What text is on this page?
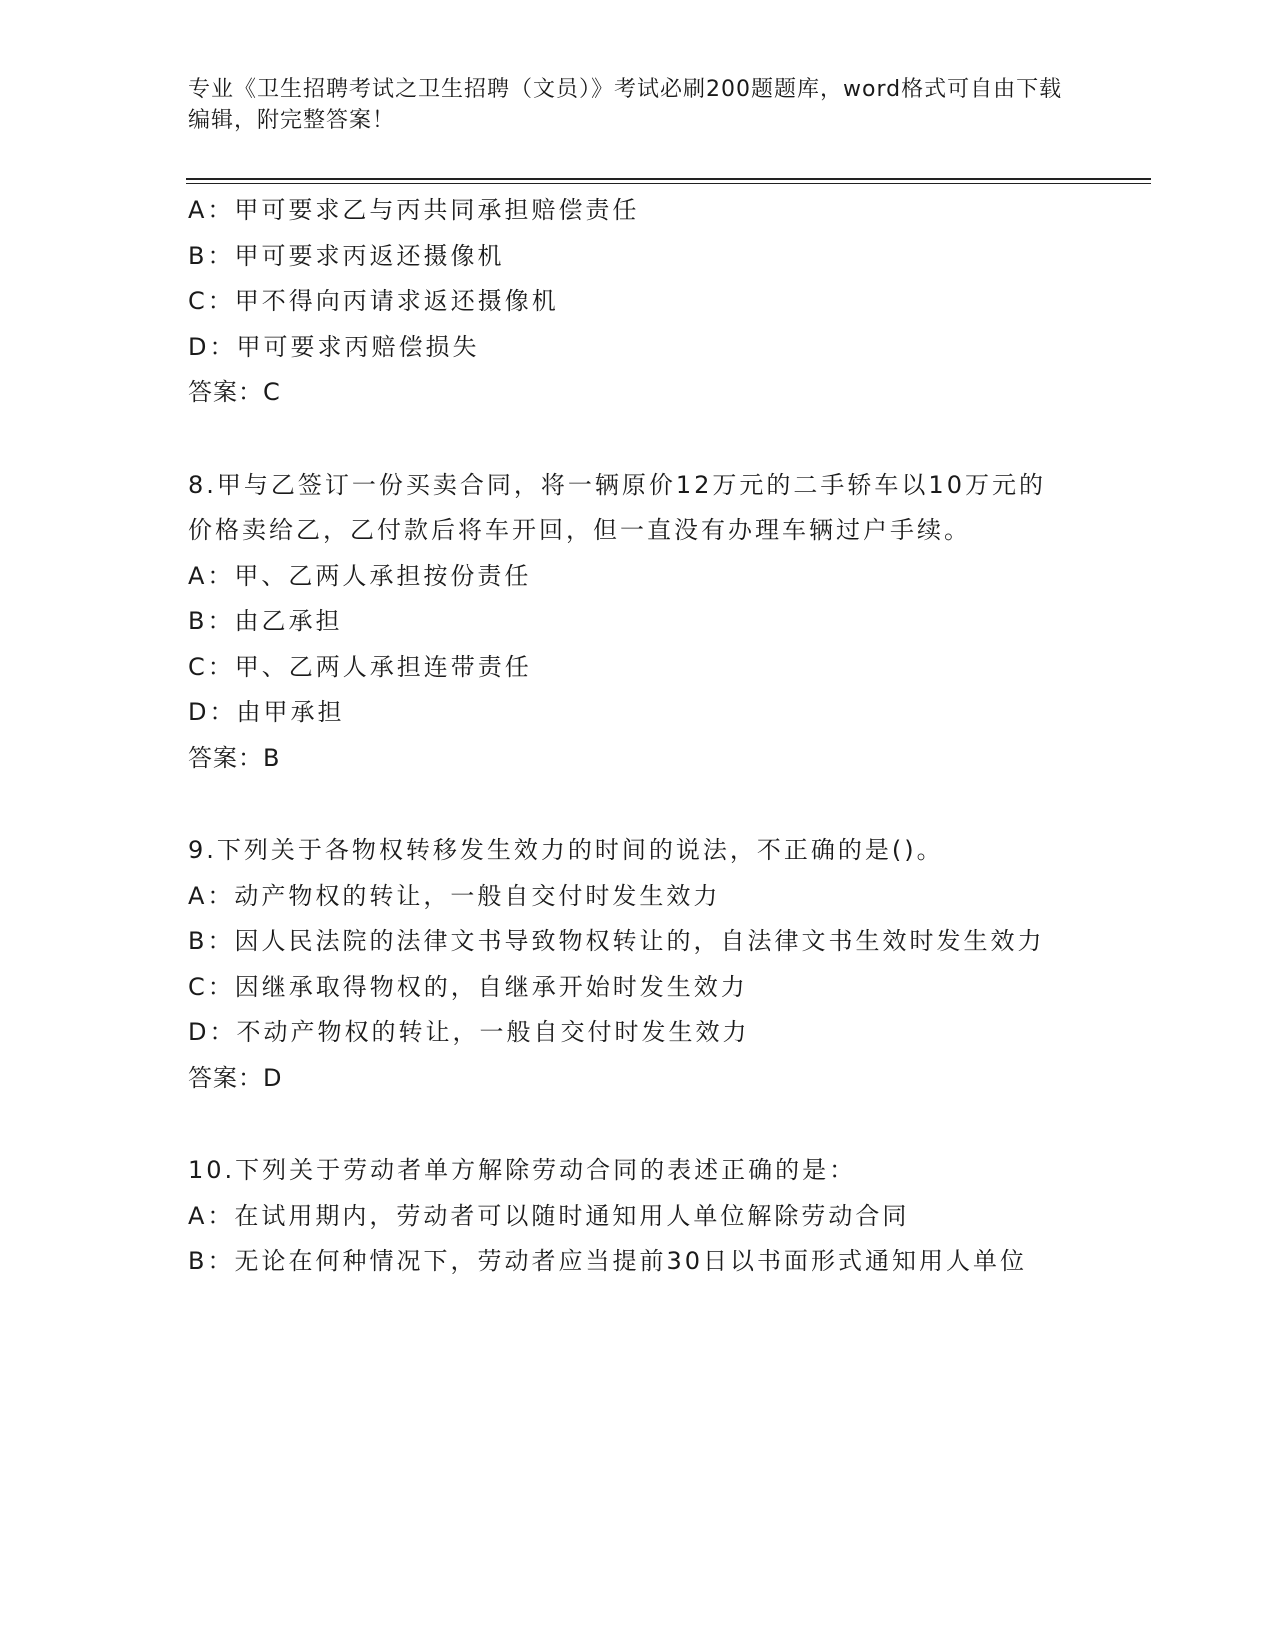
专业《卫生招聘考试之卫生招聘（文员）》考试必刷200题题库，word格式可自由下载编辑，附完整答案！
A：甲可要求乙与丙共同承担赔偿责任
B：甲可要求丙返还摄像机
C：甲不得向丙请求返还摄像机
D：甲可要求丙赔偿损失
答案：C
8.甲与乙签订一份买卖合同，将一辆原价12万元的二手轿车以10万元的价格卖给乙，乙付款后将车开回，但一直没有办理车辆过户手续。
A：甲、乙两人承担按份责任
B：由乙承担
C：甲、乙两人承担连带责任
D：由甲承担
答案：B
9.下列关于各物权转移发生效力的时间的说法，不正确的是()。
A：动产物权的转让，一般自交付时发生效力
B：因人民法院的法律文书导致物权转让的，自法律文书生效时发生效力
C：因继承取得物权的，自继承开始时发生效力
D：不动产物权的转让，一般自交付时发生效力
答案：D
10.下列关于劳动者单方解除劳动合同的表述正确的是：
A：在试用期内，劳动者可以随时通知用人单位解除劳动合同
B：无论在何种情况下，劳动者应当提前30日以书面形式通知用人单位
